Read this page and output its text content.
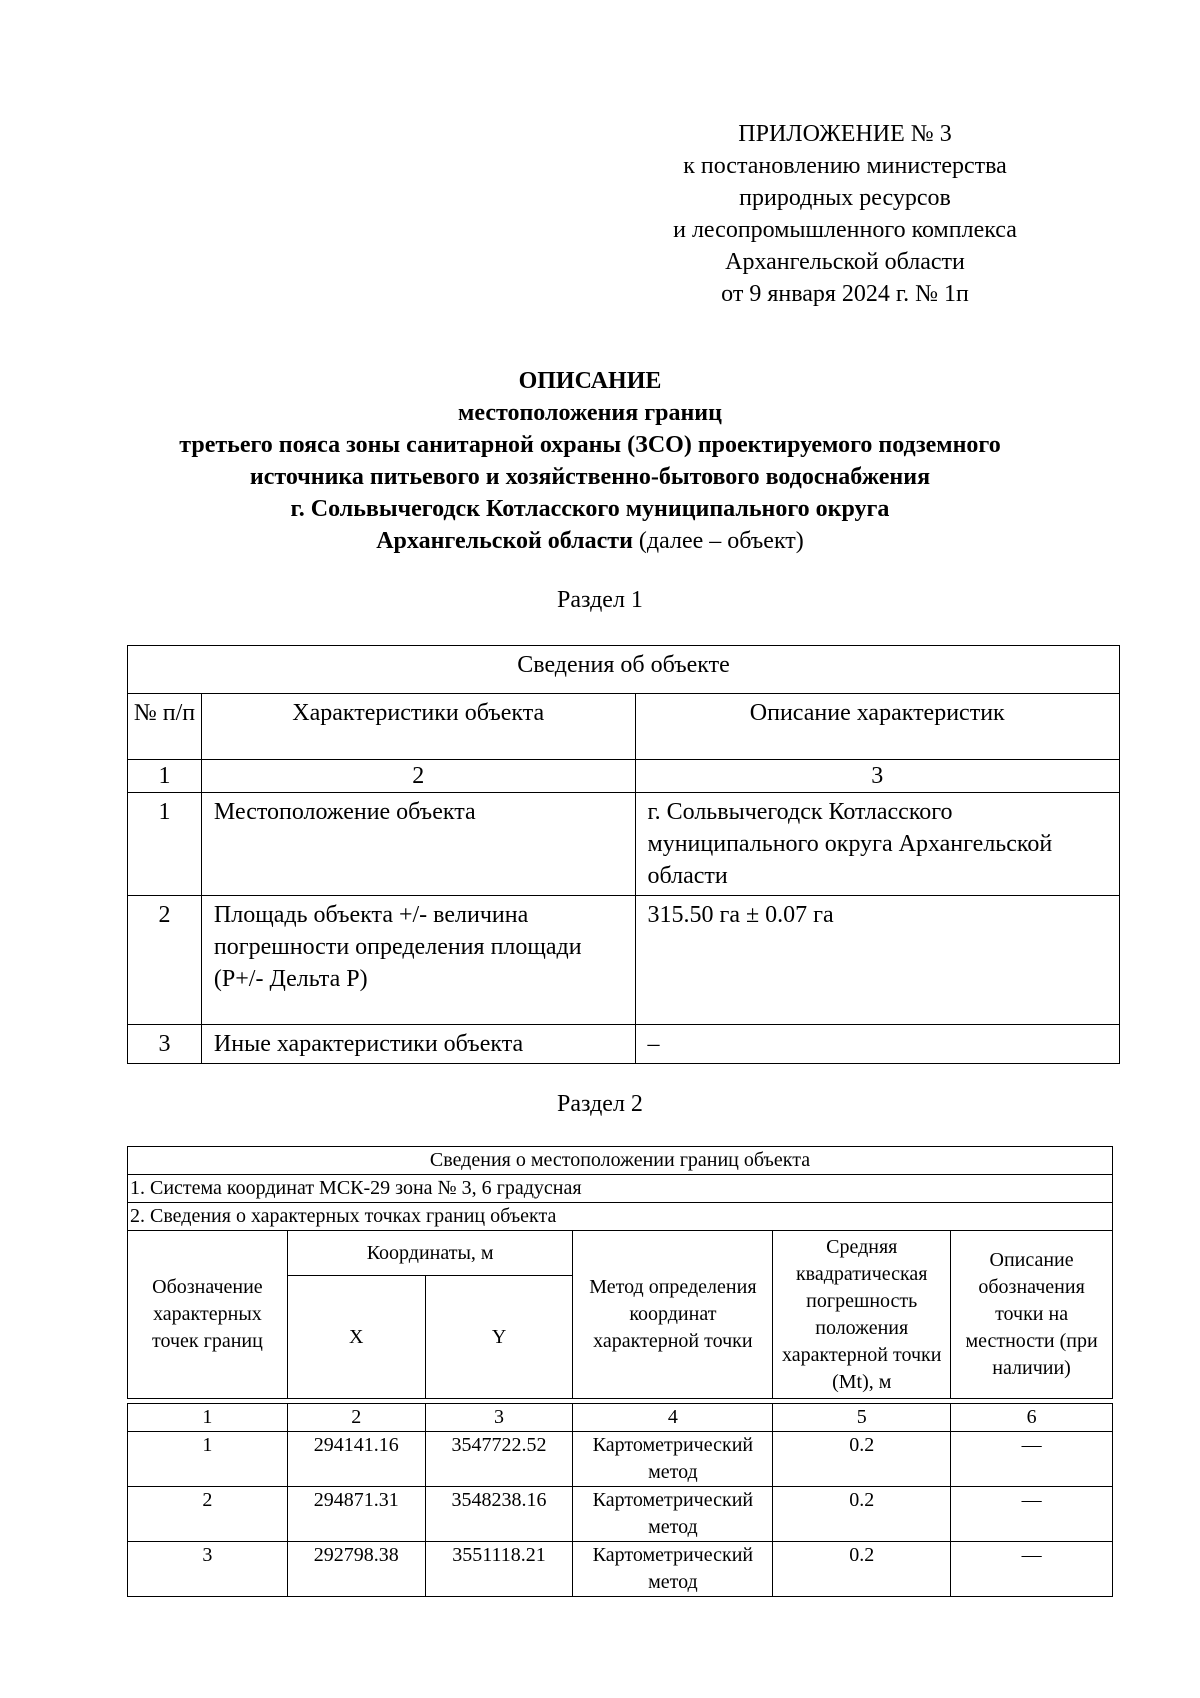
ПРИЛОЖЕНИЕ № 3
к постановлению министерства
природных ресурсов
и лесопромышленного комплекса
Архангельской области
от 9 января 2024 г. № 1п
ОПИСАНИЕ
местоположения границ
третьего пояса зоны санитарной охраны (ЗСО) проектируемого подземного
источника питьевого и хозяйственно-бытового водоснабжения
г. Сольвычегодск Котласского муниципального округа
Архангельской области (далее – объект)
Раздел 1
Сведения об объекте		
№ п/п	Характеристики объекта	Описание характеристик
1	2	3
1	Местоположение объекта	г. Сольвычегодск Котласского муниципального округа Архангельской области
2	Площадь объекта +/- величина погрешности определения площади (P+/- Дельта P)	315.50 га ± 0.07 га
3	Иные характеристики объекта	–
Раздел 2
Сведения о местоположении границ объекта					
1. Система координат МСК-29 зона № 3, 6 градусная					
2. Сведения о характерных точках границ объекта					
Обозначение характерных точек границ	Координаты, м		Метод определения координат характерной точки	Средняя квадратическая погрешность положения характерной точки (Mt), м	Описание обозначения точки на местности (при наличии)
	X	Y			

1	2	3	4	5	6
1	294141.16	3547722.52	Картометрический метод	0.2	—
2	294871.31	3548238.16	Картометрический метод	0.2	—
3	292798.38	3551118.21	Картометрический метод	0.2	—
